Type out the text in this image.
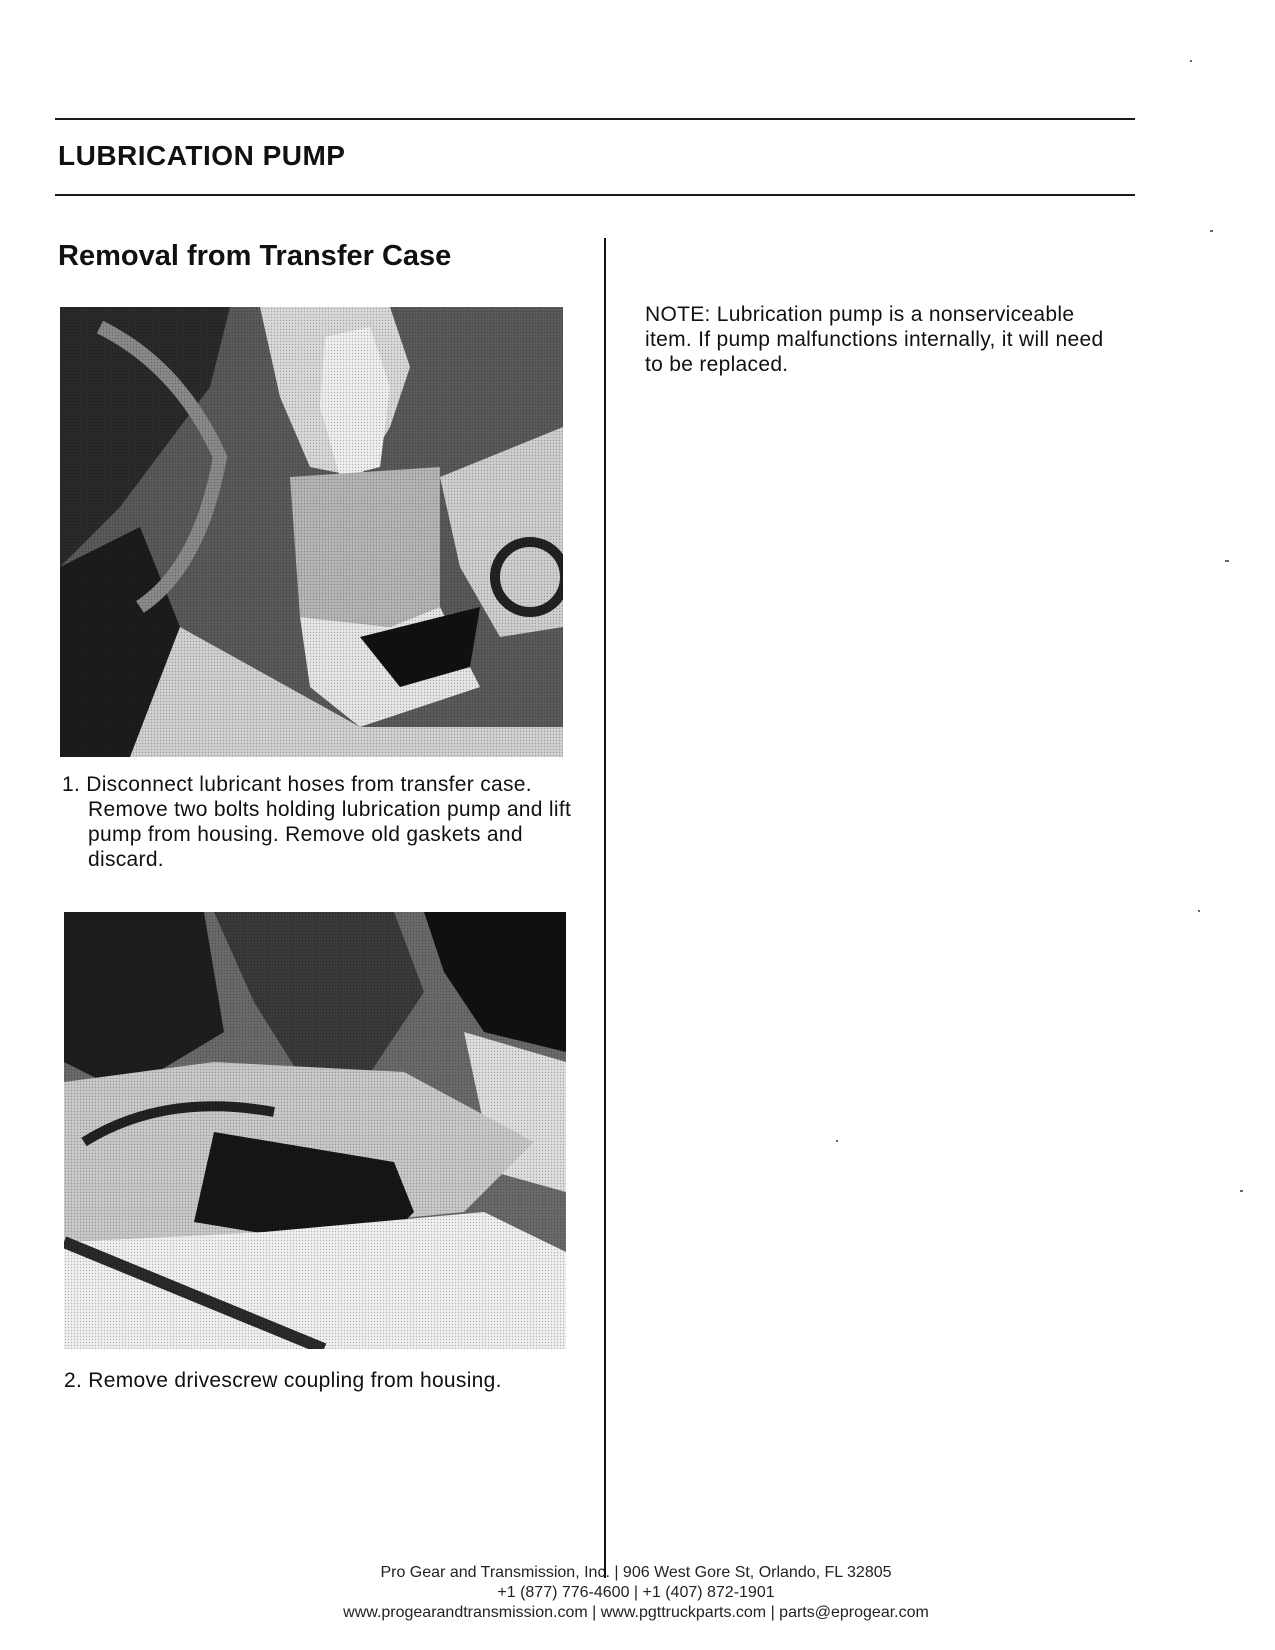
LUBRICATION PUMP
Removal from Transfer Case

1. Disconnect lubricant hoses from transfer case. Remove two bolts holding lubrication pump and lift pump from housing. Remove old gaskets and discard.

2. Remove drivescrew coupling from housing.

NOTE: Lubrication pump is a nonserviceable item. If pump malfunctions internally, it will need to be replaced.

Pro Gear and Transmission, Inc. | 906 West Gore St, Orlando, FL 32805
+1 (877) 776-4600 | +1 (407) 872-1901
www.progearandtransmission.com | www.pgttruckparts.com | parts@eprogear.com
